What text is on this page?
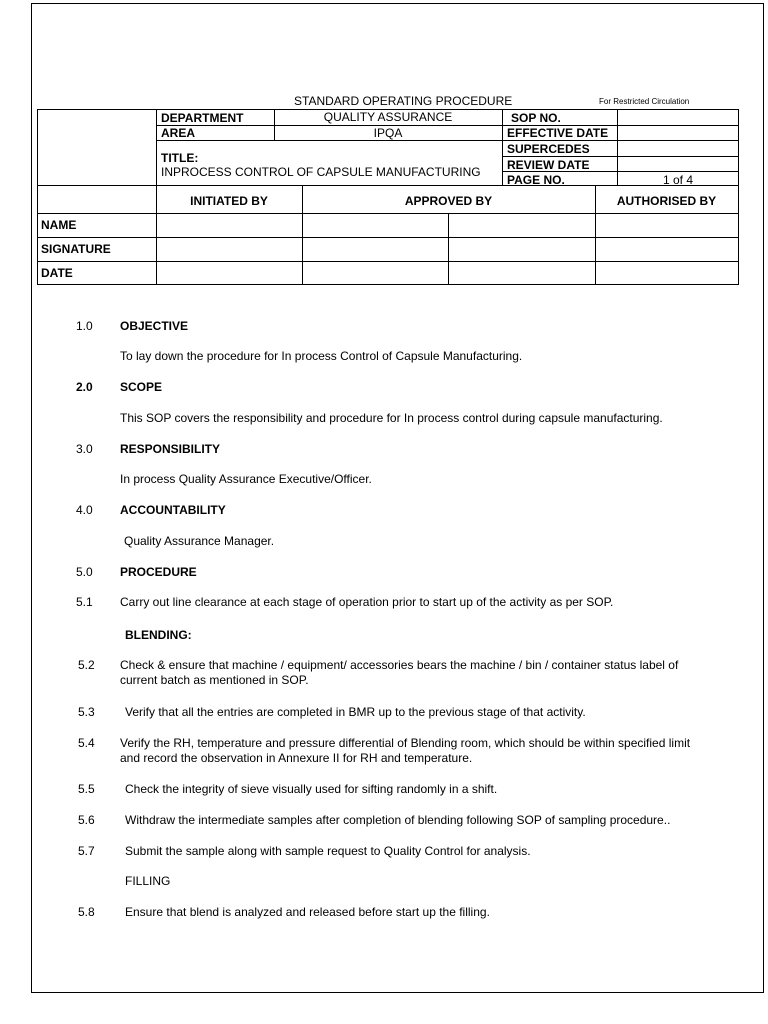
STANDARD OPERATING PROCEDURE	For Restricted Circulation
DEPARTMENT	QUALITY ASSURANCE
AREA	IPQA
TITLE:
INPROCESS CONTROL OF CAPSULE MANUFACTURING
SOP NO.
EFFECTIVE DATE
SUPERCEDES
REVIEW DATE
PAGE NO.	1 of 4
INITIATED BY	APPROVED BY	AUTHORISED BY
NAME
SIGNATURE
DATE
1.0 OBJECTIVE
To lay down the procedure for In process Control of Capsule Manufacturing.
2.0 SCOPE
This SOP covers the responsibility and procedure for In process control during capsule manufacturing.
3.0 RESPONSIBILITY
In process Quality Assurance Executive/Officer.
4.0 ACCOUNTABILITY
Quality Assurance Manager.
5.0 PROCEDURE
5.1 Carry out line clearance at each stage of operation prior to start up of the activity as per SOP.
BLENDING:
5.2 Check & ensure that machine / equipment/ accessories bears the machine / bin / container status label of current batch as mentioned in SOP.
5.3	Verify that all the entries are completed in BMR up to the previous stage of that activity.
5.4 Verify the RH, temperature and pressure differential of Blending room, which should be within specified limit and record the observation in Annexure II for RH and temperature.
5.5	Check the integrity of sieve visually used for sifting randomly in a shift.
5.6	Withdraw the intermediate samples after completion of blending following SOP of sampling procedure..
5.7	Submit the sample along with sample request to Quality Control for analysis.
FILLING
5.8	Ensure that blend is analyzed and released before start up the filling.
